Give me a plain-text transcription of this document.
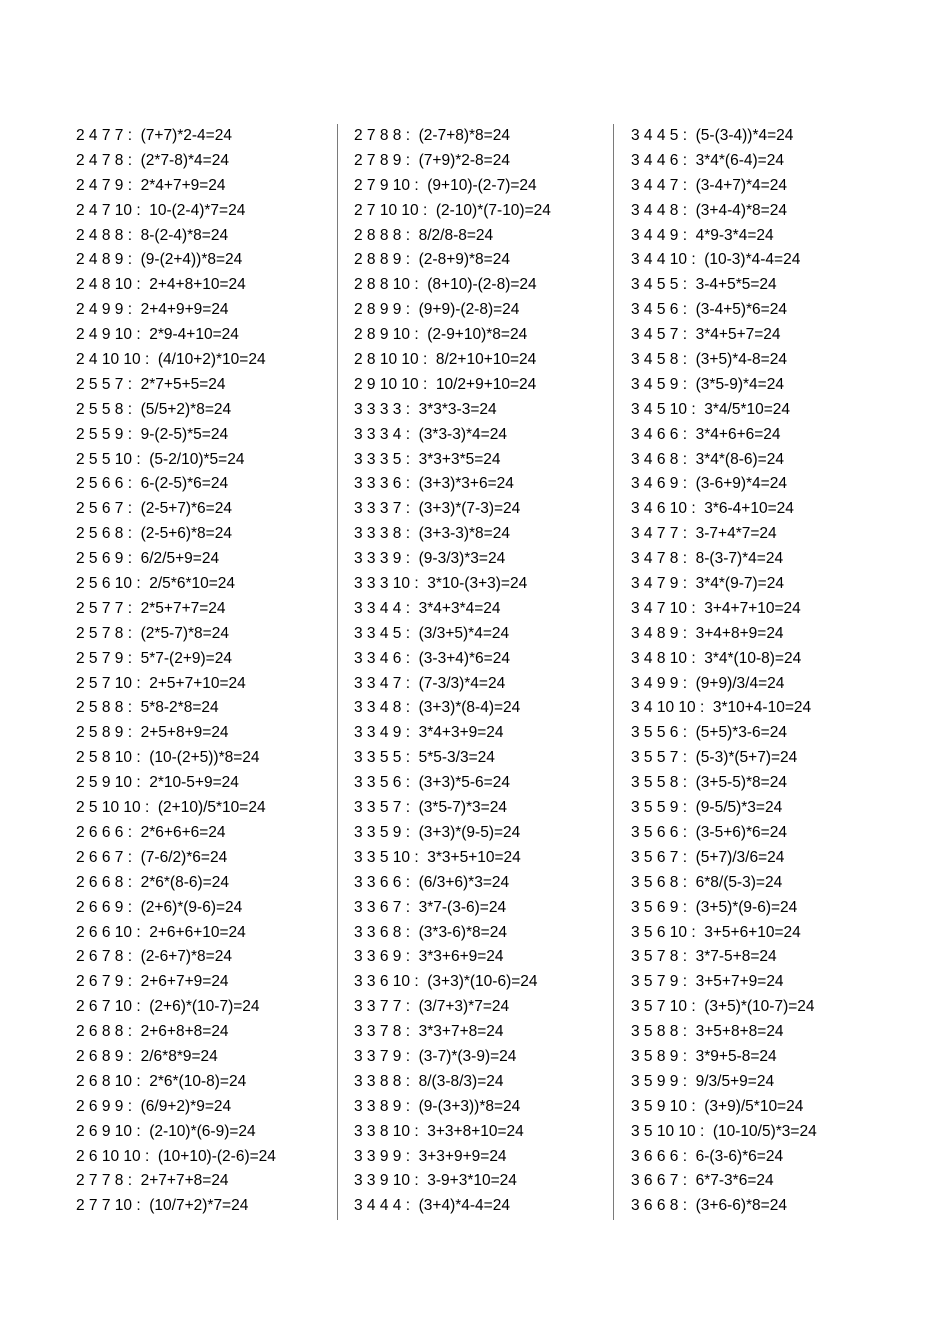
2 4 7 7 :  (7+7)*2-4=24
2 4 7 8 :  (2*7-8)*4=24
2 4 7 9 :  2*4+7+9=24
2 4 7 10 :  10-(2-4)*7=24
2 4 8 8 :  8-(2-4)*8=24
2 4 8 9 :  (9-(2+4))*8=24
2 4 8 10 :  2+4+8+10=24
2 4 9 9 :  2+4+9+9=24
2 4 9 10 :  2*9-4+10=24
2 4 10 10 :  (4/10+2)*10=24
2 5 5 7 :  2*7+5+5=24
2 5 5 8 :  (5/5+2)*8=24
2 5 5 9 :  9-(2-5)*5=24
2 5 5 10 :  (5-2/10)*5=24
2 5 6 6 :  6-(2-5)*6=24
2 5 6 7 :  (2-5+7)*6=24
2 5 6 8 :  (2-5+6)*8=24
2 5 6 9 :  6/2/5+9=24
2 5 6 10 :  2/5*6*10=24
2 5 7 7 :  2*5+7+7=24
2 5 7 8 :  (2*5-7)*8=24
2 5 7 9 :  5*7-(2+9)=24
2 5 7 10 :  2+5+7+10=24
2 5 8 8 :  5*8-2*8=24
2 5 8 9 :  2+5+8+9=24
2 5 8 10 :  (10-(2+5))*8=24
2 5 9 10 :  2*10-5+9=24
2 5 10 10 :  (2+10)/5*10=24
2 6 6 6 :  2*6+6+6=24
2 6 6 7 :  (7-6/2)*6=24
2 6 6 8 :  2*6*(8-6)=24
2 6 6 9 :  (2+6)*(9-6)=24
2 6 6 10 :  2+6+6+10=24
2 6 7 8 :  (2-6+7)*8=24
2 6 7 9 :  2+6+7+9=24
2 6 7 10 :  (2+6)*(10-7)=24
2 6 8 8 :  2+6+8+8=24
2 6 8 9 :  2/6*8*9=24
2 6 8 10 :  2*6*(10-8)=24
2 6 9 9 :  (6/9+2)*9=24
2 6 9 10 :  (2-10)*(6-9)=24
2 6 10 10 :  (10+10)-(2-6)=24
2 7 7 8 :  2+7+7+8=24
2 7 7 10 :  (10/7+2)*7=24
2 7 8 8 :  (2-7+8)*8=24
2 7 8 9 :  (7+9)*2-8=24
2 7 9 10 :  (9+10)-(2-7)=24
2 7 10 10 :  (2-10)*(7-10)=24
2 8 8 8 :  8/2/8-8=24
2 8 8 9 :  (2-8+9)*8=24
2 8 8 10 :  (8+10)-(2-8)=24
2 8 9 9 :  (9+9)-(2-8)=24
2 8 9 10 :  (2-9+10)*8=24
2 8 10 10 :  8/2+10+10=24
2 9 10 10 :  10/2+9+10=24
3 3 3 3 :  3*3*3-3=24
3 3 3 4 :  (3*3-3)*4=24
3 3 3 5 :  3*3+3*5=24
3 3 3 6 :  (3+3)*3+6=24
3 3 3 7 :  (3+3)*(7-3)=24
3 3 3 8 :  (3+3-3)*8=24
3 3 3 9 :  (9-3/3)*3=24
3 3 3 10 :  3*10-(3+3)=24
3 3 4 4 :  3*4+3*4=24
3 3 4 5 :  (3/3+5)*4=24
3 3 4 6 :  (3-3+4)*6=24
3 3 4 7 :  (7-3/3)*4=24
3 3 4 8 :  (3+3)*(8-4)=24
3 3 4 9 :  3*4+3+9=24
3 3 5 5 :  5*5-3/3=24
3 3 5 6 :  (3+3)*5-6=24
3 3 5 7 :  (3*5-7)*3=24
3 3 5 9 :  (3+3)*(9-5)=24
3 3 5 10 :  3*3+5+10=24
3 3 6 6 :  (6/3+6)*3=24
3 3 6 7 :  3*7-(3-6)=24
3 3 6 8 :  (3*3-6)*8=24
3 3 6 9 :  3*3+6+9=24
3 3 6 10 :  (3+3)*(10-6)=24
3 3 7 7 :  (3/7+3)*7=24
3 3 7 8 :  3*3+7+8=24
3 3 7 9 :  (3-7)*(3-9)=24
3 3 8 8 :  8/(3-8/3)=24
3 3 8 9 :  (9-(3+3))*8=24
3 3 8 10 :  3+3+8+10=24
3 3 9 9 :  3+3+9+9=24
3 3 9 10 :  3-9+3*10=24
3 4 4 4 :  (3+4)*4-4=24
3 4 4 5 :  (5-(3-4))*4=24
3 4 4 6 :  3*4*(6-4)=24
3 4 4 7 :  (3-4+7)*4=24
3 4 4 8 :  (3+4-4)*8=24
3 4 4 9 :  4*9-3*4=24
3 4 4 10 :  (10-3)*4-4=24
3 4 5 5 :  3-4+5*5=24
3 4 5 6 :  (3-4+5)*6=24
3 4 5 7 :  3*4+5+7=24
3 4 5 8 :  (3+5)*4-8=24
3 4 5 9 :  (3*5-9)*4=24
3 4 5 10 :  3*4/5*10=24
3 4 6 6 :  3*4+6+6=24
3 4 6 8 :  3*4*(8-6)=24
3 4 6 9 :  (3-6+9)*4=24
3 4 6 10 :  3*6-4+10=24
3 4 7 7 :  3-7+4*7=24
3 4 7 8 :  8-(3-7)*4=24
3 4 7 9 :  3*4*(9-7)=24
3 4 7 10 :  3+4+7+10=24
3 4 8 9 :  3+4+8+9=24
3 4 8 10 :  3*4*(10-8)=24
3 4 9 9 :  (9+9)/3/4=24
3 4 10 10 :  3*10+4-10=24
3 5 5 6 :  (5+5)*3-6=24
3 5 5 7 :  (5-3)*(5+7)=24
3 5 5 8 :  (3+5-5)*8=24
3 5 5 9 :  (9-5/5)*3=24
3 5 6 6 :  (3-5+6)*6=24
3 5 6 7 :  (5+7)/3/6=24
3 5 6 8 :  6*8/(5-3)=24
3 5 6 9 :  (3+5)*(9-6)=24
3 5 6 10 :  3+5+6+10=24
3 5 7 8 :  3*7-5+8=24
3 5 7 9 :  3+5+7+9=24
3 5 7 10 :  (3+5)*(10-7)=24
3 5 8 8 :  3+5+8+8=24
3 5 8 9 :  3*9+5-8=24
3 5 9 9 :  9/3/5+9=24
3 5 9 10 :  (3+9)/5*10=24
3 5 10 10 :  (10-10/5)*3=24
3 6 6 6 :  6-(3-6)*6=24
3 6 6 7 :  6*7-3*6=24
3 6 6 8 :  (3+6-6)*8=24
